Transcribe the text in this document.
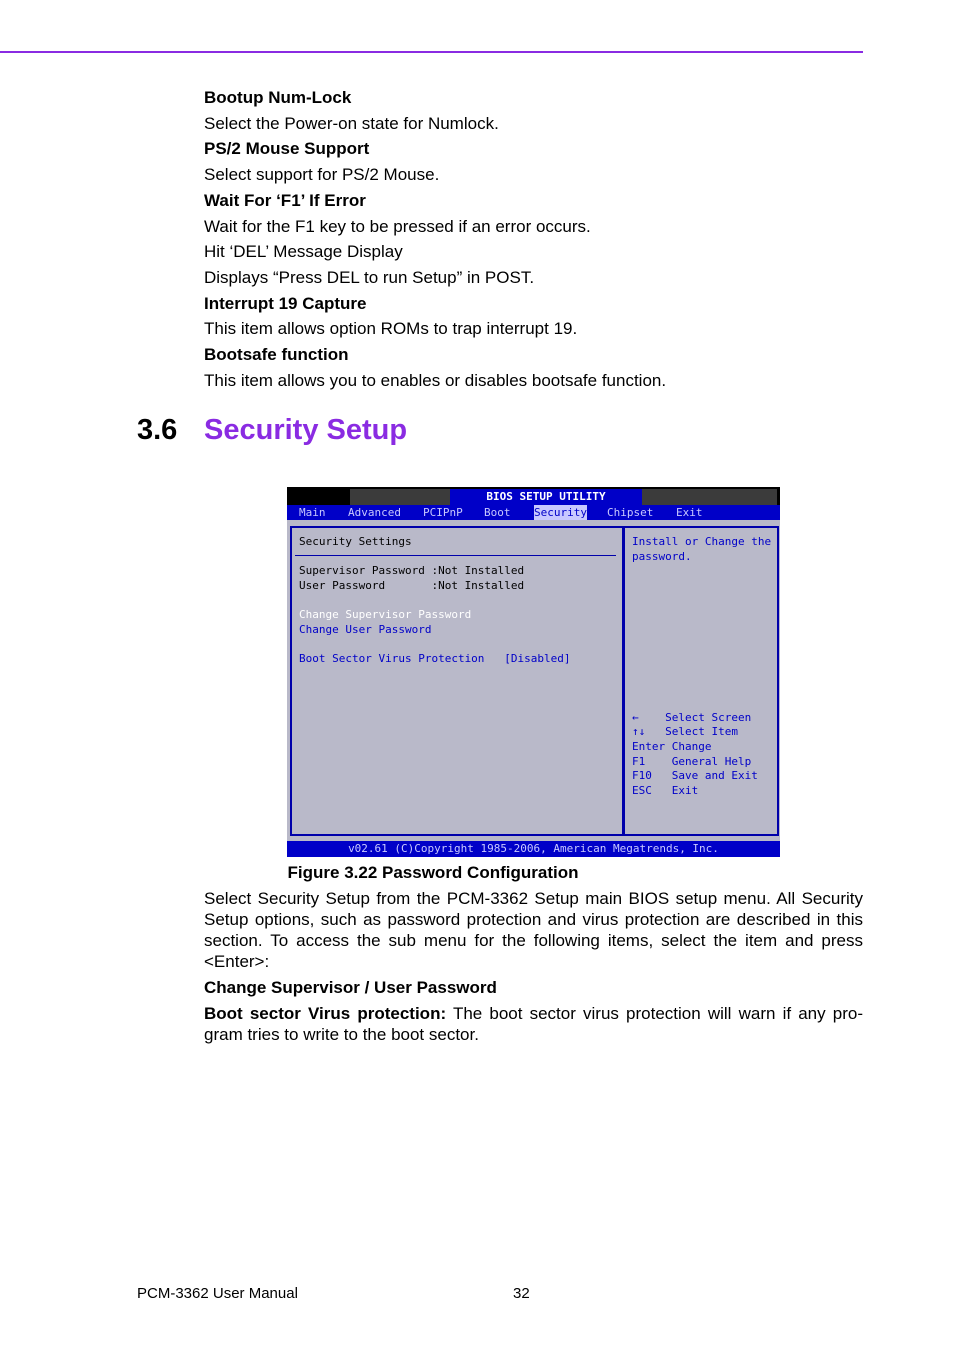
Bootup Num-Lock

Select the Power-on state for Numlock.

PS/2 Mouse Support

Select support for PS/2 Mouse.

Wait For ‘F1’ If Error

Wait for the F1 key to be pressed if an error occurs.

Hit ‘DEL’ Message Display

Displays “Press DEL to run Setup” in POST.

Interrupt 19 Capture

This item allows option ROMs to trap interrupt 19.

Bootsafe function

This item allows you to enables or disables bootsafe function.

3.6 Security Setup
BIOS SETUP UTILITY
Main Advanced PCIPnP Boot Security Chipset Exit
Security Settings
Supervisor Password :Not Installed
User Password       :Not Installed
Change Supervisor Password
Change User Password
Boot Sector Virus Protection   [Disabled]
Install or Change the
password.
←    Select Screen
↑↓   Select Item
Enter Change
F1    General Help
F10   Save and Exit
ESC   Exit
v02.61 (C)Copyright 1985-2006, American Megatrends, Inc.
Figure 3.22 Password Configuration

Select Security Setup from the PCM-3362 Setup main BIOS setup menu. All Security Setup options, such as password protection and virus protection are described in this section. To access the sub menu for the following items, select the item and press <Enter>:

Change Supervisor / User Password

Boot sector Virus protection: The boot sector virus protection will warn if any pro-gram tries to write to the boot sector.

PCM-3362 User Manual	32
